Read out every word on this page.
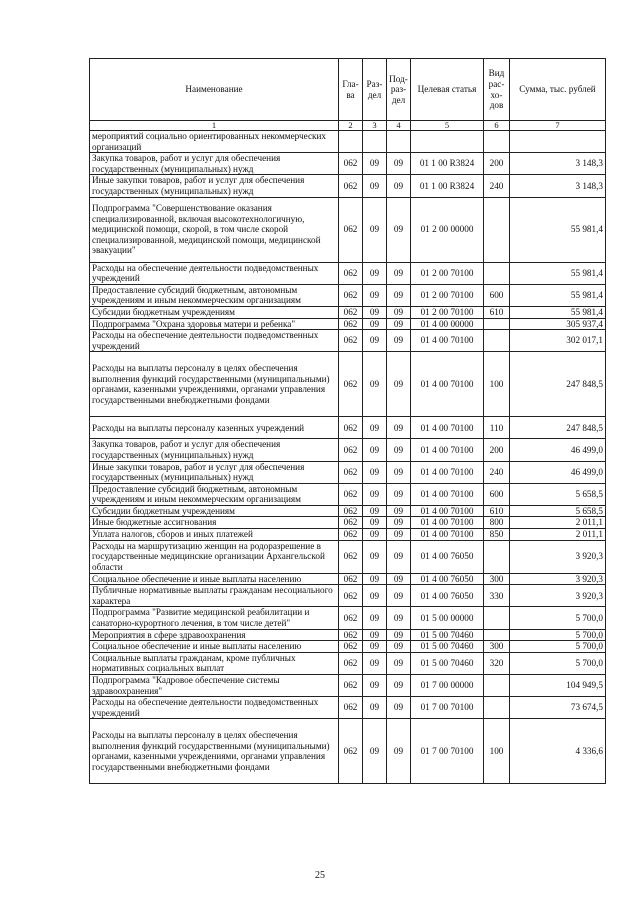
Наименование	Гла-ва	Раз-дел	Под-раз-дел	Целевая статья	Вид рас-хо-дов	Сумма, тыс. рублей
1	2	3	4	5	6	7
мероприятий социально ориентированных некоммерческих организаций						
Закупка товаров, работ и услуг для обеспечения государственных (муниципальных) нужд	062	09	09	01 1 00 R3824	200	3 148,3
Иные закупки товаров, работ и услуг для обеспечения государственных (муниципальных) нужд	062	09	09	01 1 00 R3824	240	3 148,3
Подпрограмма "Совершенствование оказания специализированной, включая высокотехнологичную, медицинской помощи, скорой, в том числе скорой специализированной, медицинской помощи, медицинской эвакуации"	062	09	09	01 2 00 00000		55 981,4
Расходы на обеспечение деятельности подведомственных учреждений	062	09	09	01 2 00 70100		55 981,4
Предоставление субсидий бюджетным, автономным учреждениям и иным некоммерческим организациям	062	09	09	01 2 00 70100	600	55 981,4
Субсидии бюджетным учреждениям	062	09	09	01 2 00 70100	610	55 981,4
Подпрограмма "Охрана здоровья матери и ребенка"	062	09	09	01 4 00 00000		305 937,4
Расходы на обеспечение деятельности подведомственных учреждений	062	09	09	01 4 00 70100		302 017,1
Расходы на выплаты персоналу в целях обеспечения выполнения функций государственными (муниципальными) органами, казенными учреждениями, органами управления государственными внебюджетными фондами	062	09	09	01 4 00 70100	100	247 848,5
Расходы на выплаты персоналу казенных учреждений	062	09	09	01 4 00 70100	110	247 848,5
Закупка товаров, работ и услуг для обеспечения государственных (муниципальных) нужд	062	09	09	01 4 00 70100	200	46 499,0
Иные закупки товаров, работ и услуг для обеспечения государственных (муниципальных) нужд	062	09	09	01 4 00 70100	240	46 499,0
Предоставление субсидий бюджетным, автономным учреждениям и иным некоммерческим организациям	062	09	09	01 4 00 70100	600	5 658,5
Субсидии бюджетным учреждениям	062	09	09	01 4 00 70100	610	5 658,5
Иные бюджетные ассигнования	062	09	09	01 4 00 70100	800	2 011,1
Уплата налогов, сборов и иных платежей	062	09	09	01 4 00 70100	850	2 011,1
Расходы на маршрутизацию женщин на родоразрешение в государственные медицинские организации Архангельской области	062	09	09	01 4 00 76050		3 920,3
Социальное обеспечение и иные выплаты населению	062	09	09	01 4 00 76050	300	3 920,3
Публичные нормативные выплаты гражданам несоциального характера	062	09	09	01 4 00 76050	330	3 920,3
Подпрограмма "Развитие медицинской реабилитации и санаторно-курортного лечения, в том числе детей"	062	09	09	01 5 00 00000		5 700,0
Мероприятия в сфере здравоохранения	062	09	09	01 5 00 70460		5 700,0
Социальное обеспечение и иные выплаты населению	062	09	09	01 5 00 70460	300	5 700,0
Социальные выплаты гражданам, кроме публичных нормативных социальных выплат	062	09	09	01 5 00 70460	320	5 700,0
Подпрограмма "Кадровое обеспечение системы здравоохранения"	062	09	09	01 7 00 00000		104 949,5
Расходы на обеспечение деятельности подведомственных учреждений	062	09	09	01 7 00 70100		73 674,5
Расходы на выплаты персоналу в целях обеспечения выполнения функций государственными (муниципальными) органами, казенными учреждениями, органами управления государственными внебюджетными фондами	062	09	09	01 7 00 70100	100	4 336,6
25
